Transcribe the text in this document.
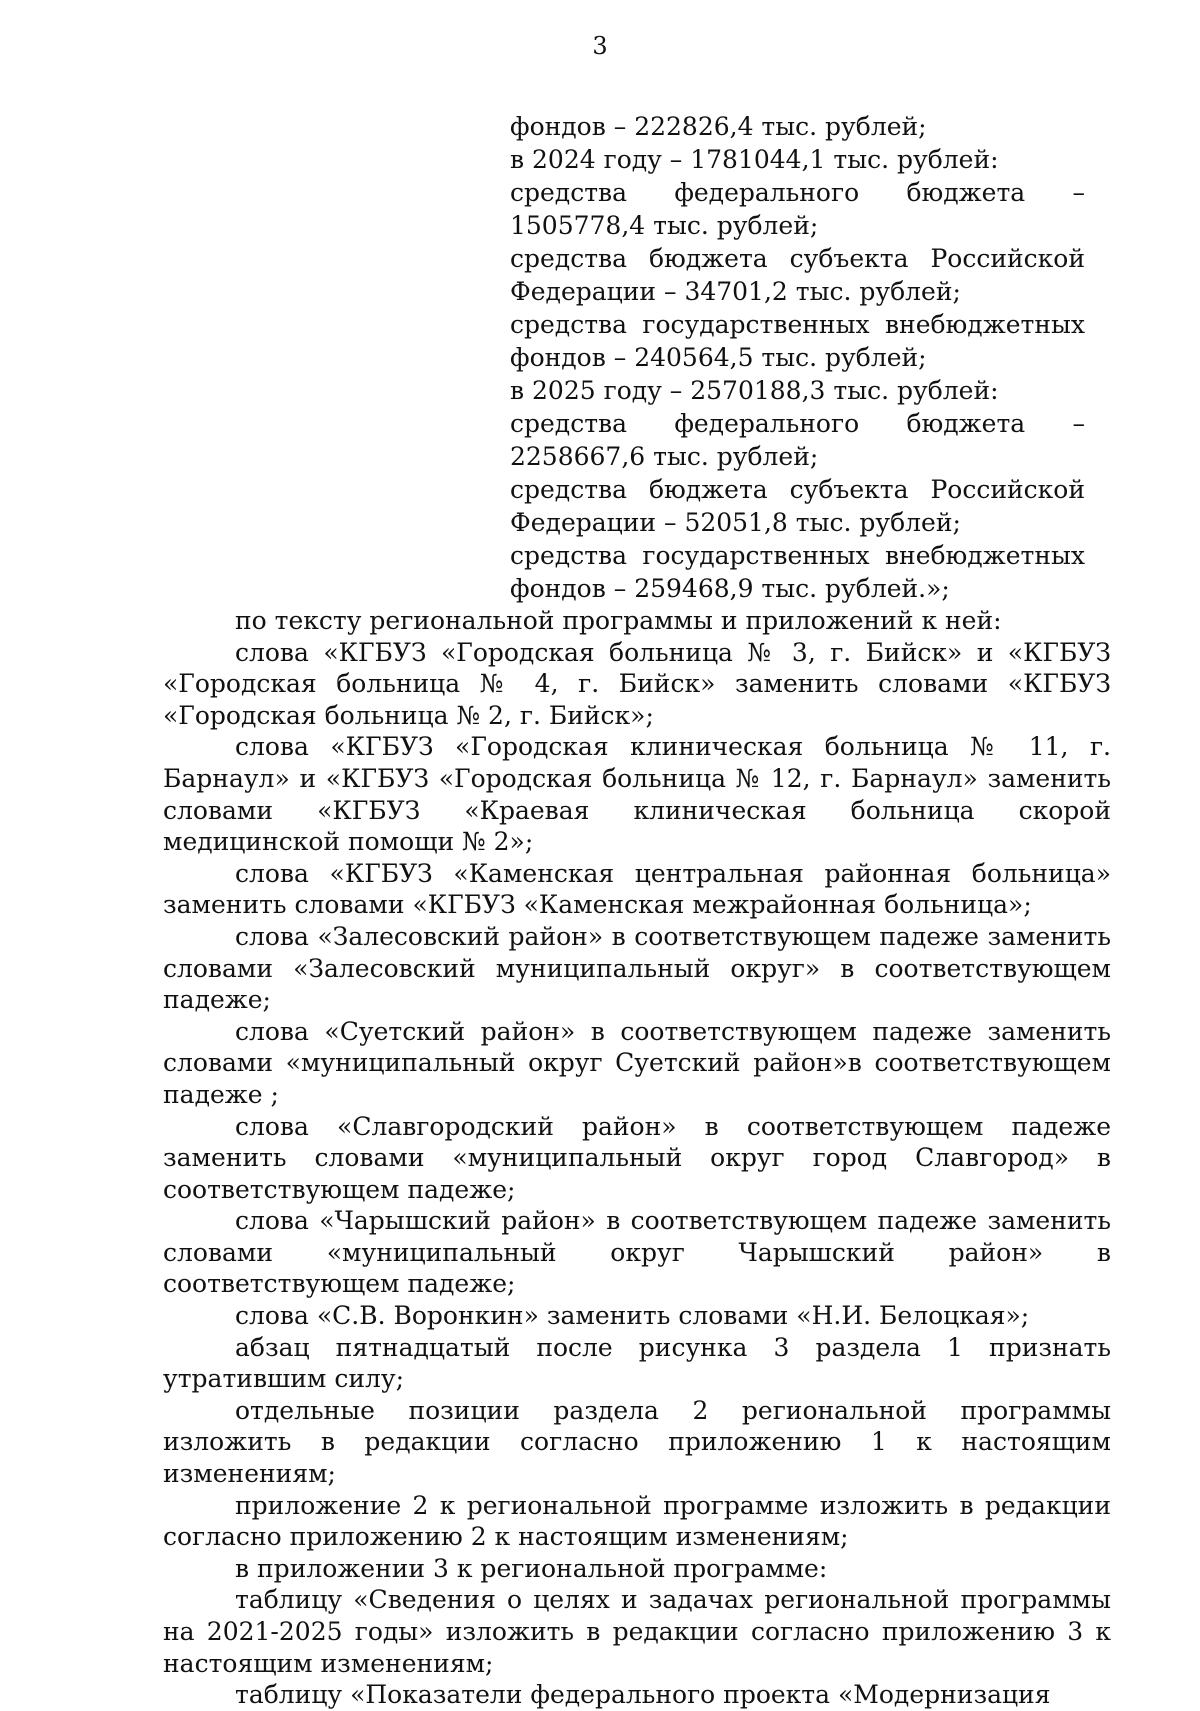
3
фондов – 222826,4 тыс. рублей;
в 2024 году – 1781044,1 тыс. рублей:
средства федерального бюджета –
1505778,4 тыс. рублей;
средства бюджета субъекта Российской
Федерации – 34701,2 тыс. рублей;
средства государственных внебюджетных
фондов – 240564,5 тыс. рублей;
в 2025 году – 2570188,3 тыс. рублей:
средства федерального бюджета –
2258667,6 тыс. рублей;
средства бюджета субъекта Российской
Федерации – 52051,8 тыс. рублей;
средства государственных внебюджетных
фондов – 259468,9 тыс. рублей.»;

по тексту региональной программы и приложений к ней:

слова «КГБУЗ «Городская больница № 3, г. Бийск» и «КГБУЗ «Городская больница № 4, г. Бийск» заменить словами «КГБУЗ «Городская больница № 2, г. Бийск»;

слова «КГБУЗ «Городская клиническая больница № 11, г. Барнаул» и «КГБУЗ «Городская больница № 12, г. Барнаул» заменить словами «КГБУЗ «Краевая клиническая больница скорой медицинской помощи № 2»;

слова «КГБУЗ «Каменская центральная районная больница» заменить словами «КГБУЗ «Каменская межрайонная больница»;

слова «Залесовский район» в соответствующем падеже заменить словами «Залесовский муниципальный округ» в соответствующем падеже;

слова «Суетский район» в соответствующем падеже заменить словами «муниципальный округ Суетский район»в соответствующем падеже ;

слова «Славгородский район» в соответствующем падеже заменить словами «муниципальный округ город Славгород» в соответствующем падеже;

слова «Чарышский район» в соответствующем падеже заменить словами «муниципальный округ Чарышский район» в соответствующем падеже;

слова «С.В. Воронкин» заменить словами «Н.И. Белоцкая»;

абзац пятнадцатый после рисунка 3 раздела 1 признать утратившим силу;

отдельные позиции раздела 2 региональной программы изложить в редакции согласно приложению 1 к настоящим изменениям;

приложение 2 к региональной программе изложить в редакции согласно приложению 2 к настоящим изменениям;

в приложении 3 к региональной программе:

таблицу «Сведения о целях и задачах региональной программы на 2021-2025 годы» изложить в редакции согласно приложению 3 к настоящим изменениям;

таблицу «Показатели федерального проекта «Модернизация
